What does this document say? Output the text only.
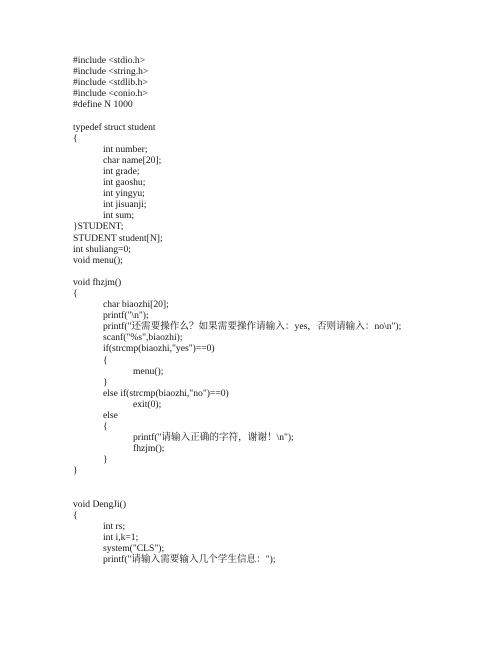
#include <stdio.h>
#include <string.h>
#include <stdlib.h>
#include <conio.h>
#define N 1000
typedef struct student
{
int number;
char name[20];
int grade;
int gaoshu;
int yingyu;
int jisuanji;
int sum;
}STUDENT;
STUDENT student[N];
int shuliang=0;
void menu();
void fhzjm()
{
char biaozhi[20];
printf("\n");
printf("还需要操作么？如果需要操作请输入：yes，否则请输入：no\n");
scanf("%s",biaozhi);
if(strcmp(biaozhi,"yes")==0)
{
menu();
}
else if(strcmp(biaozhi,"no")==0)
exit(0);
else
{
printf("请输入正确的字符，谢谢！\n");
fhzjm();
}
}
void DengJi()
{
int rs;
int i,k=1;
system("CLS");
printf("请输入需要输入几个学生信息：");
